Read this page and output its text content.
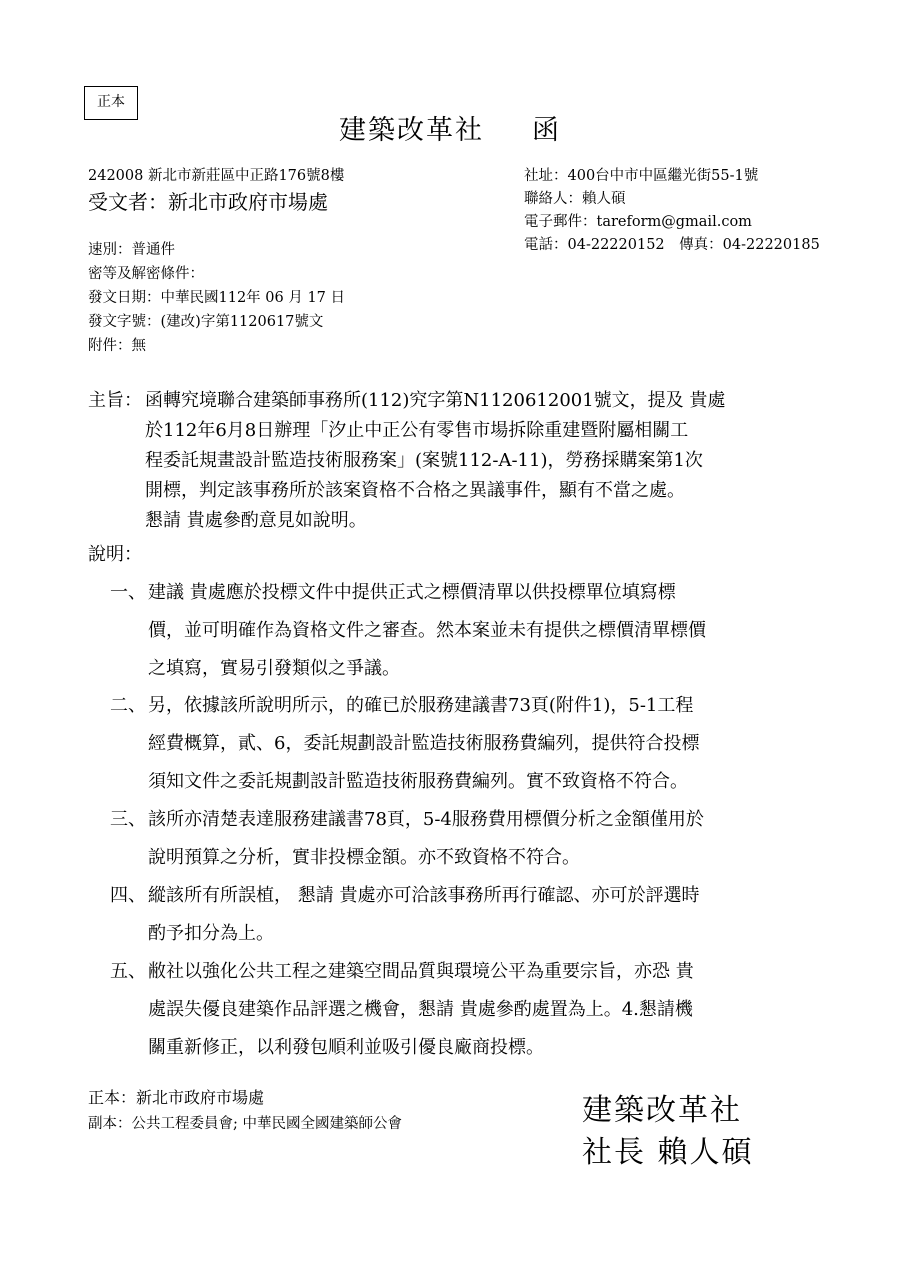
正本
建築改革社 函
242008 新北市新莊區中正路176號8樓
受文者：新北市政府市場處
社址：400台中市中區繼光街55-1號
聯絡人：賴人碩
電子郵件：tareform@gmail.com
電話：04-22220152　傳真：04-22220185
速別：普通件
密等及解密條件：
發文日期：中華民國112年 06 月 17 日
發文字號：(建改)字第1120617號文
附件：無
主旨： 函轉究境聯合建築師事務所(112)究字第N1120612001號文，提及 貴處
於112年6月8日辦理「汐止中正公有零售市場拆除重建暨附屬相關工
程委託規畫設計監造技術服務案」(案號112-A-11)，勞務採購案第1次
開標，判定該事務所於該案資格不合格之異議事件，顯有不當之處。
懇請 貴處參酌意見如說明。
說明：
一、 建議 貴處應於投標文件中提供正式之標價清單以供投標單位填寫標
價，並可明確作為資格文件之審查。然本案並未有提供之標價清單標價
之填寫，實易引發類似之爭議。
二、 另，依據該所說明所示，的確已於服務建議書73頁(附件1)，5-1工程
經費概算，貳、6，委託規劃設計監造技術服務費編列，提供符合投標
須知文件之委託規劃設計監造技術服務費編列。實不致資格不符合。
三、 該所亦清楚表達服務建議書78頁，5-4服務費用標價分析之金額僅用於
說明預算之分析，實非投標金額。亦不致資格不符合。
四、 縱該所有所誤植， 懇請 貴處亦可洽該事務所再行確認、亦可於評選時
酌予扣分為上。
五、 敝社以強化公共工程之建築空間品質與環境公平為重要宗旨，亦恐 貴
處誤失優良建築作品評選之機會，懇請 貴處參酌處置為上。4.懇請機
關重新修正，以利發包順利並吸引優良廠商投標。
正本：新北市政府市場處
副本：公共工程委員會; 中華民國全國建築師公會	建築改革社
社長 賴人碩
